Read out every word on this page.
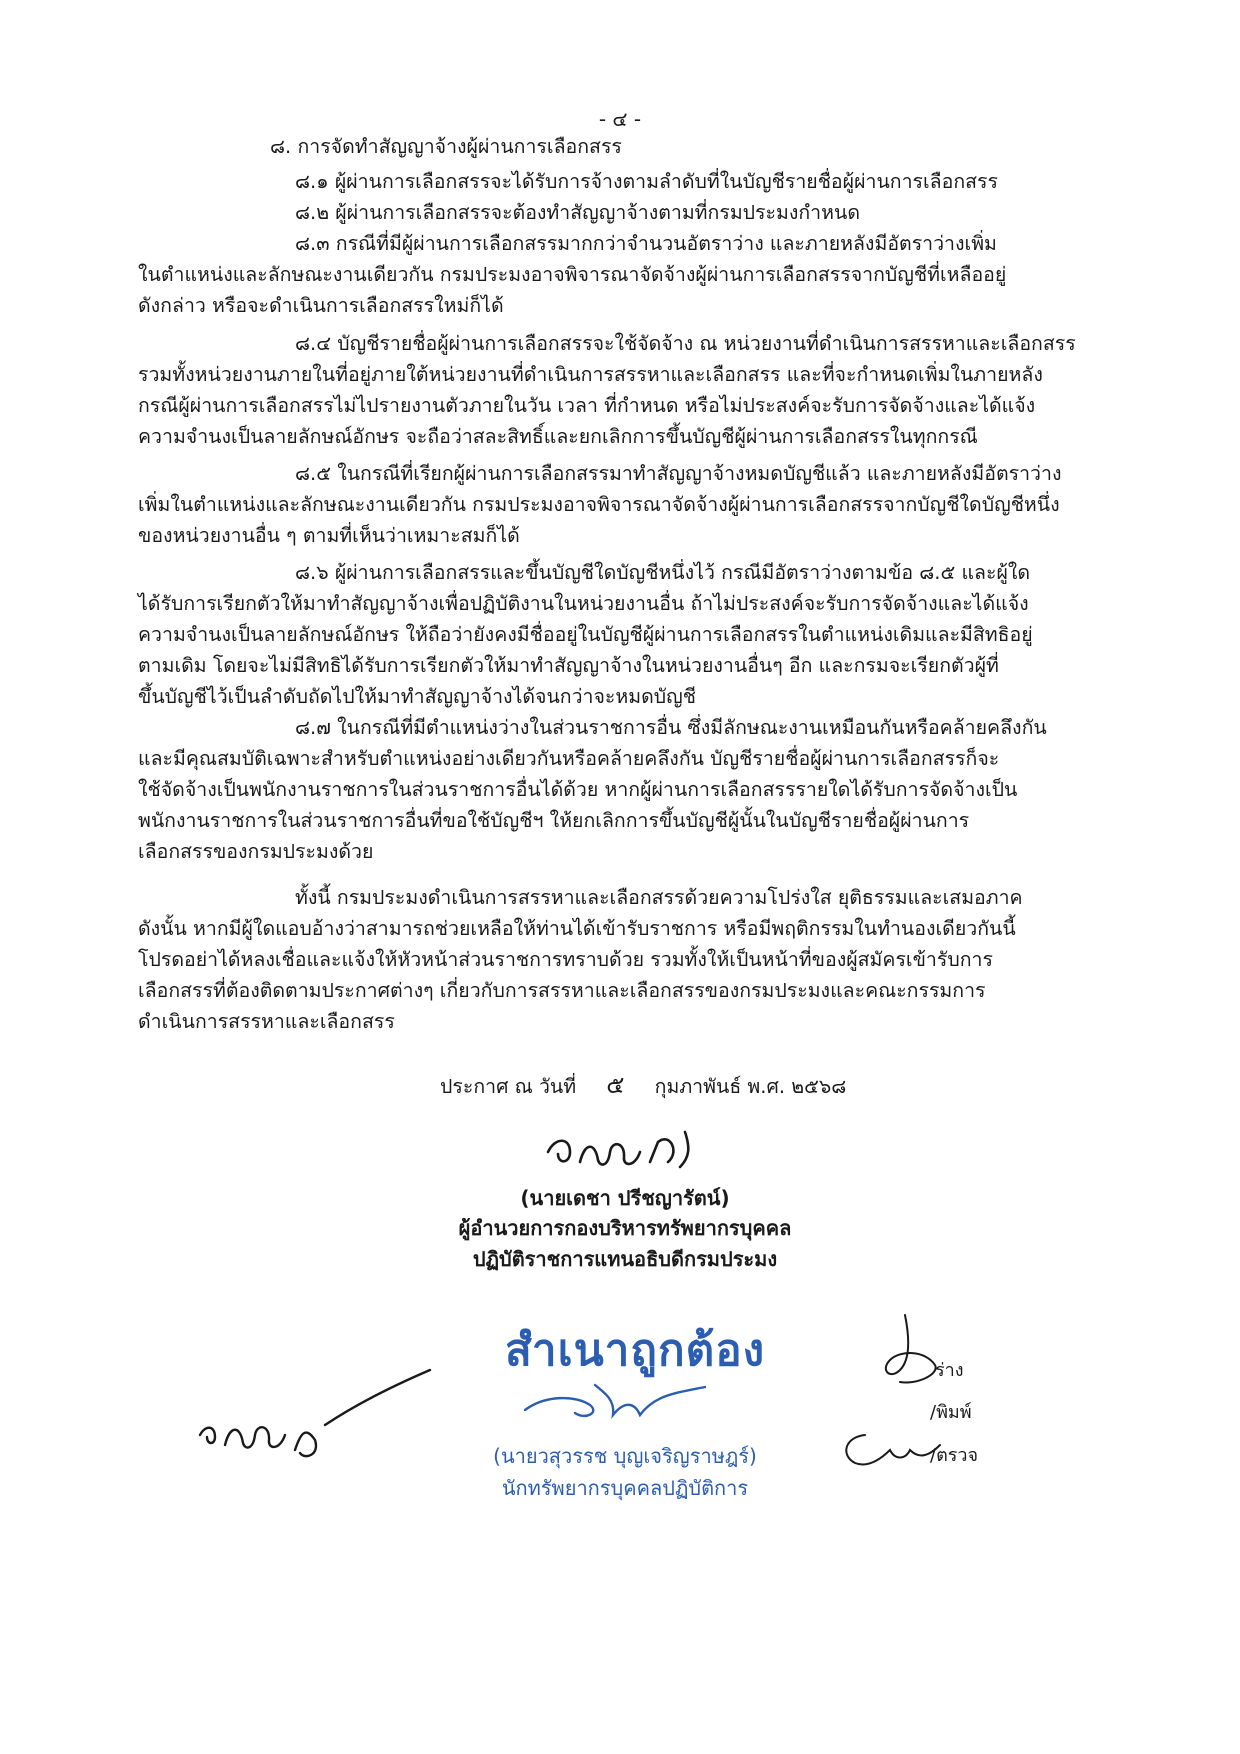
- ๔ -
๘. การจัดทำสัญญาจ้างผู้ผ่านการเลือกสรร
๘.๑ ผู้ผ่านการเลือกสรรจะได้รับการจ้างตามลำดับที่ในบัญชีรายชื่อผู้ผ่านการเลือกสรร
๘.๒ ผู้ผ่านการเลือกสรรจะต้องทำสัญญาจ้างตามที่กรมประมงกำหนด
๘.๓ กรณีที่มีผู้ผ่านการเลือกสรรมากกว่าจำนวนอัตราว่าง และภายหลังมีอัตราว่างเพิ่ม
ในตำแหน่งและลักษณะงานเดียวกัน กรมประมงอาจพิจารณาจัดจ้างผู้ผ่านการเลือกสรรจากบัญชีที่เหลืออยู่
ดังกล่าว หรือจะดำเนินการเลือกสรรใหม่ก็ได้
๘.๔ บัญชีรายชื่อผู้ผ่านการเลือกสรรจะใช้จัดจ้าง ณ หน่วยงานที่ดำเนินการสรรหาและเลือกสรร
รวมทั้งหน่วยงานภายในที่อยู่ภายใต้หน่วยงานที่ดำเนินการสรรหาและเลือกสรร และที่จะกำหนดเพิ่มในภายหลัง
กรณีผู้ผ่านการเลือกสรรไม่ไปรายงานตัวภายในวัน เวลา ที่กำหนด หรือไม่ประสงค์จะรับการจัดจ้างและได้แจ้ง
ความจำนงเป็นลายลักษณ์อักษร จะถือว่าสละสิทธิ์และยกเลิกการขึ้นบัญชีผู้ผ่านการเลือกสรรในทุกกรณี
๘.๕ ในกรณีที่เรียกผู้ผ่านการเลือกสรรมาทำสัญญาจ้างหมดบัญชีแล้ว และภายหลังมีอัตราว่าง
เพิ่มในตำแหน่งและลักษณะงานเดียวกัน กรมประมงอาจพิจารณาจัดจ้างผู้ผ่านการเลือกสรรจากบัญชีใดบัญชีหนึ่ง
ของหน่วยงานอื่น ๆ ตามที่เห็นว่าเหมาะสมก็ได้
๘.๖ ผู้ผ่านการเลือกสรรและขึ้นบัญชีใดบัญชีหนึ่งไว้ กรณีมีอัตราว่างตามข้อ ๘.๕ และผู้ใด
ได้รับการเรียกตัวให้มาทำสัญญาจ้างเพื่อปฏิบัติงานในหน่วยงานอื่น ถ้าไม่ประสงค์จะรับการจัดจ้างและได้แจ้ง
ความจำนงเป็นลายลักษณ์อักษร ให้ถือว่ายังคงมีชื่ออยู่ในบัญชีผู้ผ่านการเลือกสรรในตำแหน่งเดิมและมีสิทธิอยู่
ตามเดิม โดยจะไม่มีสิทธิได้รับการเรียกตัวให้มาทำสัญญาจ้างในหน่วยงานอื่นๆ อีก และกรมจะเรียกตัวผู้ที่
ขึ้นบัญชีไว้เป็นลำดับถัดไปให้มาทำสัญญาจ้างได้จนกว่าจะหมดบัญชี
๘.๗ ในกรณีที่มีตำแหน่งว่างในส่วนราชการอื่น ซึ่งมีลักษณะงานเหมือนกันหรือคล้ายคลึงกัน
และมีคุณสมบัติเฉพาะสำหรับตำแหน่งอย่างเดียวกันหรือคล้ายคลึงกัน บัญชีรายชื่อผู้ผ่านการเลือกสรรก็จะ
ใช้จัดจ้างเป็นพนักงานราชการในส่วนราชการอื่นได้ด้วย หากผู้ผ่านการเลือกสรรรายใดได้รับการจัดจ้างเป็น
พนักงานราชการในส่วนราชการอื่นที่ขอใช้บัญชีฯ ให้ยกเลิกการขึ้นบัญชีผู้นั้นในบัญชีรายชื่อผู้ผ่านการ
เลือกสรรของกรมประมงด้วย
ทั้งนี้ กรมประมงดำเนินการสรรหาและเลือกสรรด้วยความโปร่งใส ยุติธรรมและเสมอภาค
ดังนั้น หากมีผู้ใดแอบอ้างว่าสามารถช่วยเหลือให้ท่านได้เข้ารับราชการ หรือมีพฤติกรรมในทำนองเดียวกันนี้
โปรดอย่าได้หลงเชื่อและแจ้งให้หัวหน้าส่วนราชการทราบด้วย รวมทั้งให้เป็นหน้าที่ของผู้สมัครเข้ารับการ
เลือกสรรที่ต้องติดตามประกาศต่างๆ เกี่ยวกับการสรรหาและเลือกสรรของกรมประมงและคณะกรรมการ
ดำเนินการสรรหาและเลือกสรร
ประกาศ ณ วันที่ ๕ กุมภาพันธ์ พ.ศ. ๒๕๖๘
(นายเดชา ปรีชญารัตน์)
ผู้อำนวยการกองบริหารทรัพยากรบุคคล
ปฏิบัติราชการแทนอธิบดีกรมประมง
สำเนาถูกต้อง
(นายวสุวรรช บุญเจริญราษฎร์)
นักทรัพยากรบุคคลปฏิบัติการ
ร่าง
/พิมพ์
/ตรวจ
